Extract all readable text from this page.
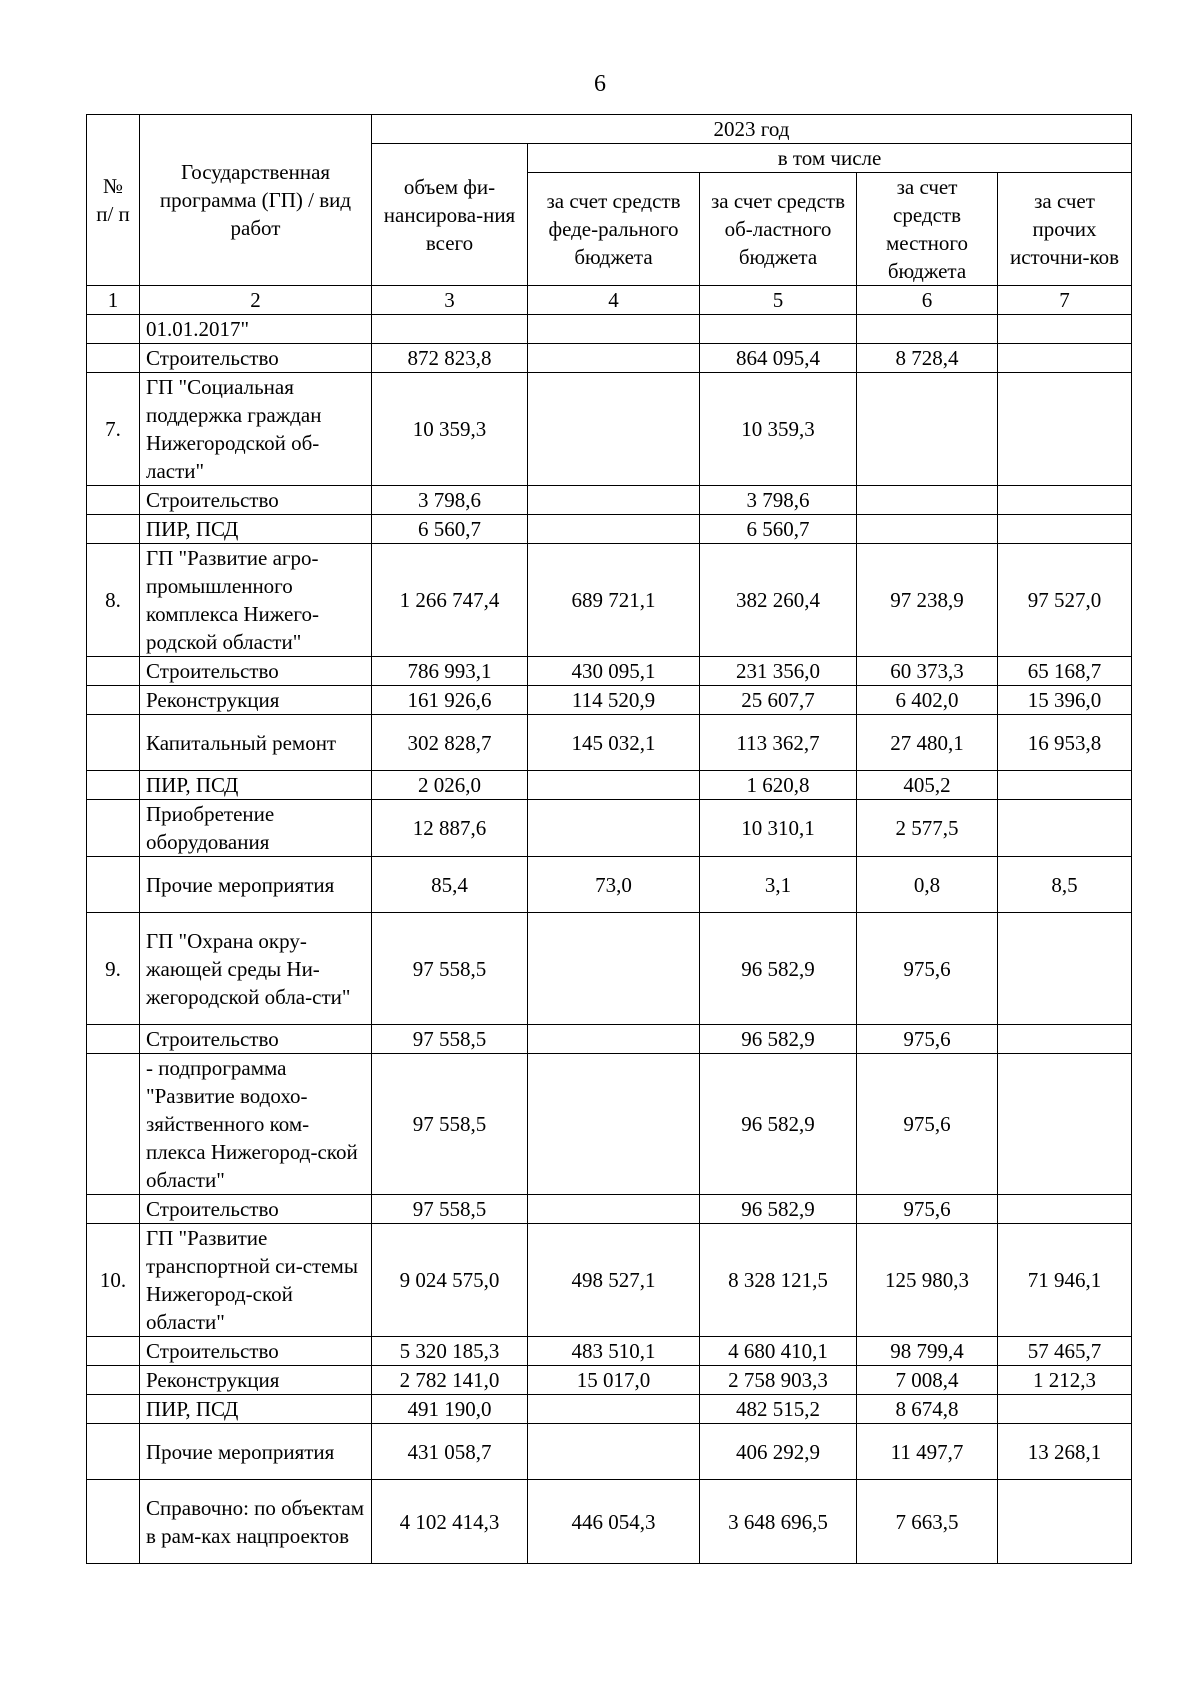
6
№ п/ п	Государственная программа (ГП) / вид работ	2023 год				
		объем фи-нансирова-ния всего	в том числе			
			за счет средств феде-рального бюджета	за счет средств об-ластного бюджета	за счет средств местного бюджета	за счет прочих источни-ков
1	2	3	4	5	6	7
	01.01.2017"					
	Строительство	872 823,8		864 095,4	8 728,4	
7.	ГП "Социальная поддержка граждан Нижегородской об-ласти"	10 359,3		10 359,3		
	Строительство	3 798,6		3 798,6		
	ПИР, ПСД	6 560,7		6 560,7		
8.	ГП "Развитие агро-промышленного комплекса Нижего-родской области"	1 266 747,4	689 721,1	382 260,4	97 238,9	97 527,0
	Строительство	786 993,1	430 095,1	231 356,0	60 373,3	65 168,7
	Реконструкция	161 926,6	114 520,9	25 607,7	6 402,0	15 396,0
	Капитальный ремонт	302 828,7	145 032,1	113 362,7	27 480,1	16 953,8
	ПИР, ПСД	2 026,0		1 620,8	405,2	
	Приобретение оборудования	12 887,6		10 310,1	2 577,5	
	Прочие мероприятия	85,4	73,0	3,1	0,8	8,5
9.	ГП "Охрана окру-жающей среды Ни-жегородской обла-сти"	97 558,5		96 582,9	975,6	
	Строительство	97 558,5		96 582,9	975,6	
	- подпрограмма "Развитие водохо-зяйственного ком-плекса Нижегород-ской области"	97 558,5		96 582,9	975,6	
	Строительство	97 558,5		96 582,9	975,6	
10.	ГП "Развитие транспортной си-стемы Нижегород-ской области"	9 024 575,0	498 527,1	8 328 121,5	125 980,3	71 946,1
	Строительство	5 320 185,3	483 510,1	4 680 410,1	98 799,4	57 465,7
	Реконструкция	2 782 141,0	15 017,0	2 758 903,3	7 008,4	1 212,3
	ПИР, ПСД	491 190,0		482 515,2	8 674,8	
	Прочие мероприятия	431 058,7		406 292,9	11 497,7	13 268,1
	Справочно: по объектам в рам-ках нацпроектов	4 102 414,3	446 054,3	3 648 696,5	7 663,5	
